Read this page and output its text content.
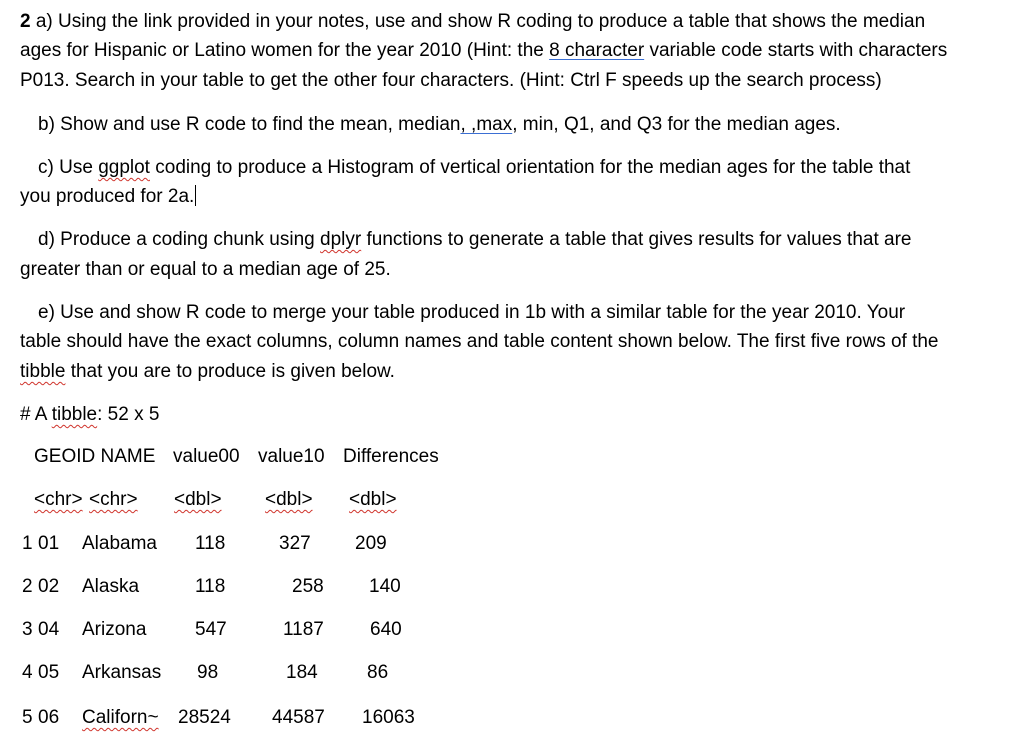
2 a) Using the link provided in your notes, use and show R coding to produce a table that shows the median
ages for Hispanic or Latino women for the year 2010 (Hint: the 8 character variable code starts with characters
P013. Search in your table to get the other four characters. (Hint: Ctrl F speeds up the search process)
b) Show and use R code to find the mean, median, ,max, min, Q1, and Q3 for the median ages.
c) Use ggplot coding to produce a Histogram of vertical orientation for the median ages for the table that
you produced for 2a.
d) Produce a coding chunk using dplyr functions to generate a table that gives results for values that are
greater than or equal to a median age of 25.
e) Use and show R code to merge your table produced in 1b with a similar table for the year 2010. Your
table should have the exact columns, column names and table content shown below. The first five rows of the
tibble that you are to produce is given below.
# A tibble: 52 x 5
GEOID NAME value00 value10 Differences
<chr> <chr> <dbl> <dbl> <dbl>
1 01 Alabama 118	327 209
2 02 Alaska	118	258 140
3 04 Arizona	547	1187 640
4 05 Arkansas 98	184	86
5 06 Californ~ 28524 44587 16063
